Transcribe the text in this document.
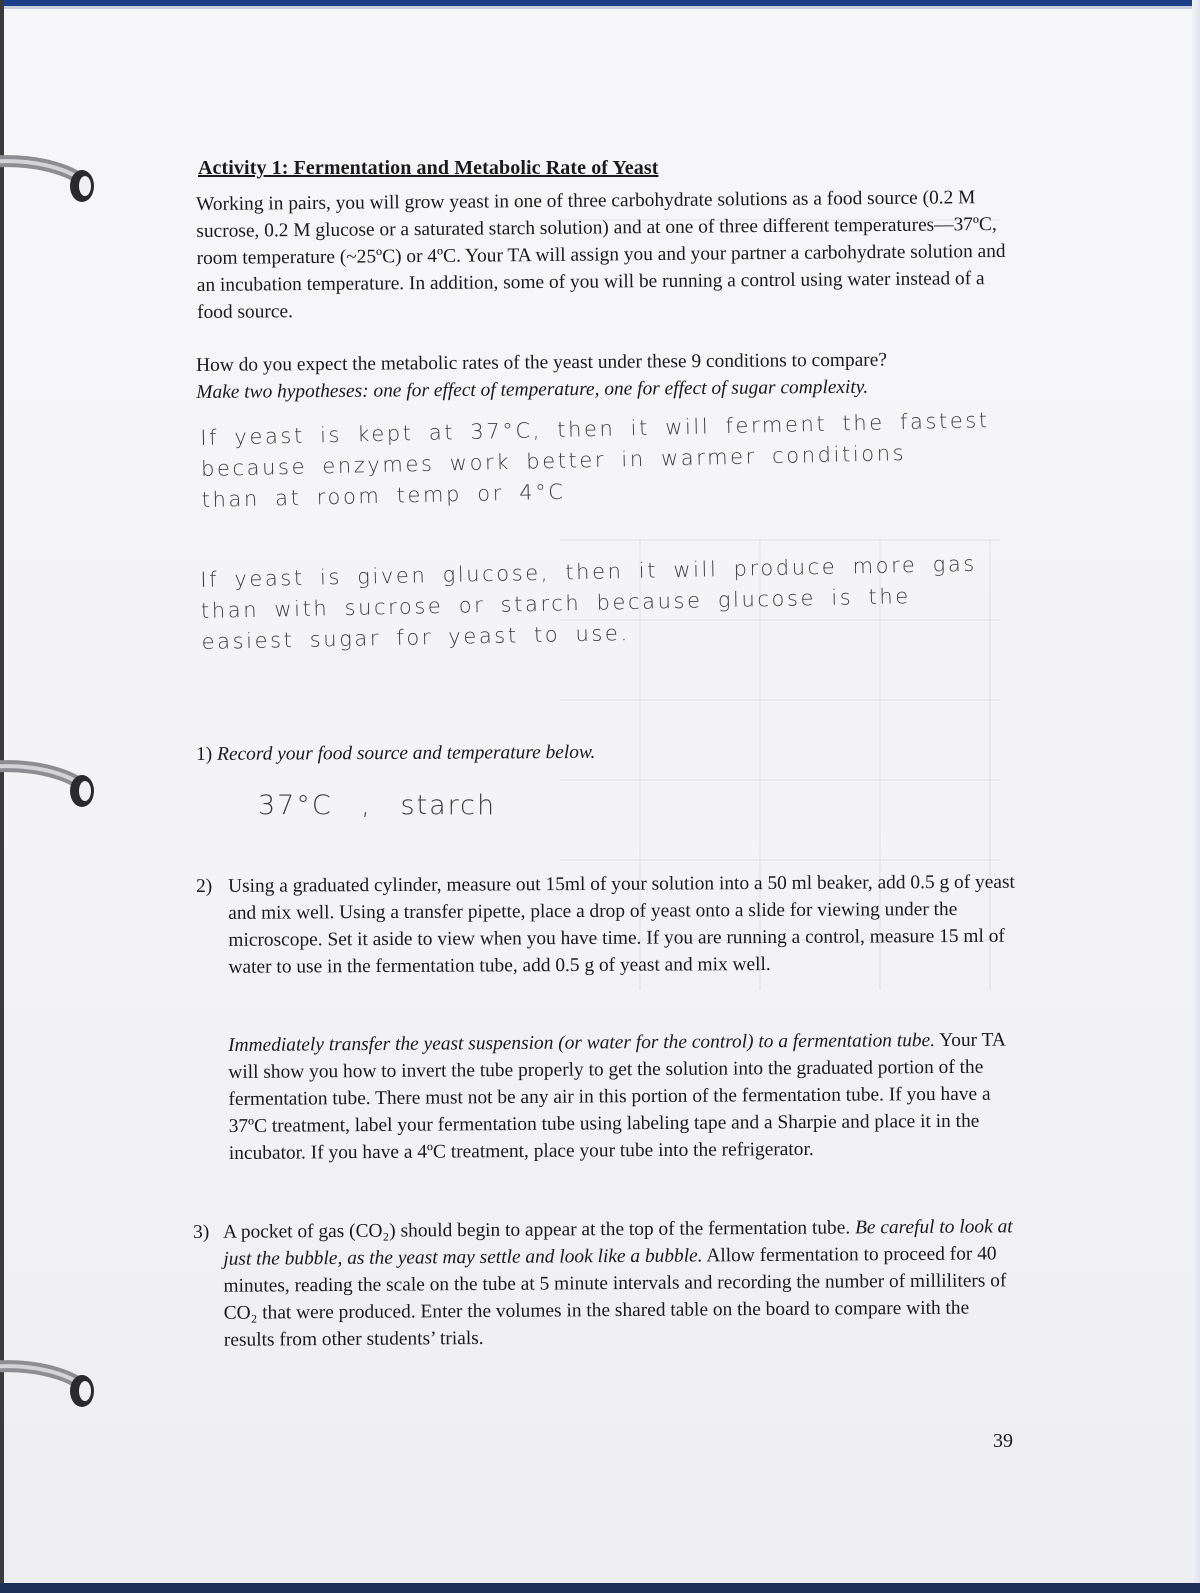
Activity 1: Fermentation and Metabolic Rate of Yeast

Working in pairs, you will grow yeast in one of three carbohydrate solutions as a food source (0.2 M sucrose, 0.2 M glucose or a saturated starch solution) and at one of three different temperatures—37ºC, room temperature (~25ºC) or 4ºC. Your TA will assign you and your partner a carbohydrate solution and an incubation temperature. In addition, some of you will be running a control using water instead of a food source.

How do you expect the metabolic rates of the yeast under these 9 conditions to compare?
Make two hypotheses: one for effect of temperature, one for effect of sugar complexity.

If yeast is kept at 37°C, then it will ferment the fastest
because enzymes work better in warmer conditions
than at room temp or 4°C
If yeast is given glucose, then it will produce more gas
than with sucrose or starch because glucose is the
easiest sugar for yeast to use.

1) Record your food source and temperature below.

37°C , starch
2) Using a graduated cylinder, measure out 15ml of your solution into a 50 ml beaker, add 0.5 g of yeast and mix well. Using a transfer pipette, place a drop of yeast onto a slide for viewing under the microscope. Set it aside to view when you have time. If you are running a control, measure 15 ml of water to use in the fermentation tube, add 0.5 g of yeast and mix well.

Immediately transfer the yeast suspension (or water for the control) to a fermentation tube. Your TA will show you how to invert the tube properly to get the solution into the graduated portion of the fermentation tube. There must not be any air in this portion of the fermentation tube. If you have a 37ºC treatment, label your fermentation tube using labeling tape and a Sharpie and place it in the incubator. If you have a 4ºC treatment, place your tube into the refrigerator.

3) A pocket of gas (CO₂) should begin to appear at the top of the fermentation tube. Be careful to look at just the bubble, as the yeast may settle and look like a bubble. Allow fermentation to proceed for 40 minutes, reading the scale on the tube at 5 minute intervals and recording the number of milliliters of CO₂ that were produced. Enter the volumes in the shared table on the board to compare with the results from other students’ trials.
39
